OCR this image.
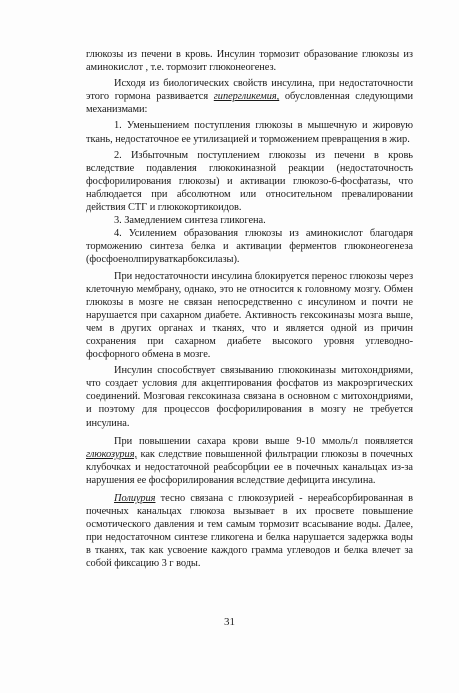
глюкозы из печени в кровь. Инсулин тормозит образование глюкозы из аминокислот , т.е. тормозит глюконеогенез.

Исходя из биологических свойств инсулина, при недостаточности этого гормона развивается гипергликемия, обусловленная следующими механизмами:

1. Уменьшением поступления глюкозы в мышечную и жировую ткань, недостаточное ее утилизацией и торможением превращения в жир.

2. Избыточным поступлением глюкозы из печени в кровь вследствие подавления глюкокиназной реакции (недостаточность фосфорилирования глюкозы) и активации глюкозо-6-фосфатазы, что наблюдается при абсолютном или относительном превалировании действия СТГ и глюкокортикоидов.

3. Замедлением синтеза гликогена.

4. Усилением образования глюкозы из аминокислот благодаря торможению синтеза белка и активации ферментов глюконеогенеза (фосфоенолпируваткарбоксилазы).

При недостаточности инсулина блокируется перенос глюкозы через клеточную мембрану, однако, это не относится к головному мозгу. Обмен глюкозы в мозге не связан непосредственно с инсулином и почти не нарушается при сахарном диабете. Активность гексокиназы мозга выше, чем в других органах и тканях, что и является одной из причин сохранения при сахарном диабете высокого уровня углеводно-фосфорного обмена в мозге.

Инсулин способствует связыванию глюкокиназы митохондриями, что создает условия для акцептирования фосфатов из макроэргических соединений. Мозговая гексокиназа связана в основном с митохондриями, и поэтому для процессов фосфорилирования в мозгу не требуется инсулина.

При повышении сахара крови выше 9-10 ммоль/л появляется глюкозурия, как следствие повышенной фильтрации глюкозы в почечных клубочках и недостаточной реабсорбции ее в почечных канальцах из-за нарушения ее фосфорилирования вследствие дефицита инсулина.

Полиурия тесно связана с глюкозурией - нереабсорбированная в почечных канальцах глюкоза вызывает в их просвете повышение осмотического давления и тем самым тормозит всасывание воды. Далее, при недостаточном синтезе гликогена и белка нарушается задержка воды в тканях, так как усвоение каждого грамма углеводов и белка влечет за собой фиксацию 3 г воды.

31
